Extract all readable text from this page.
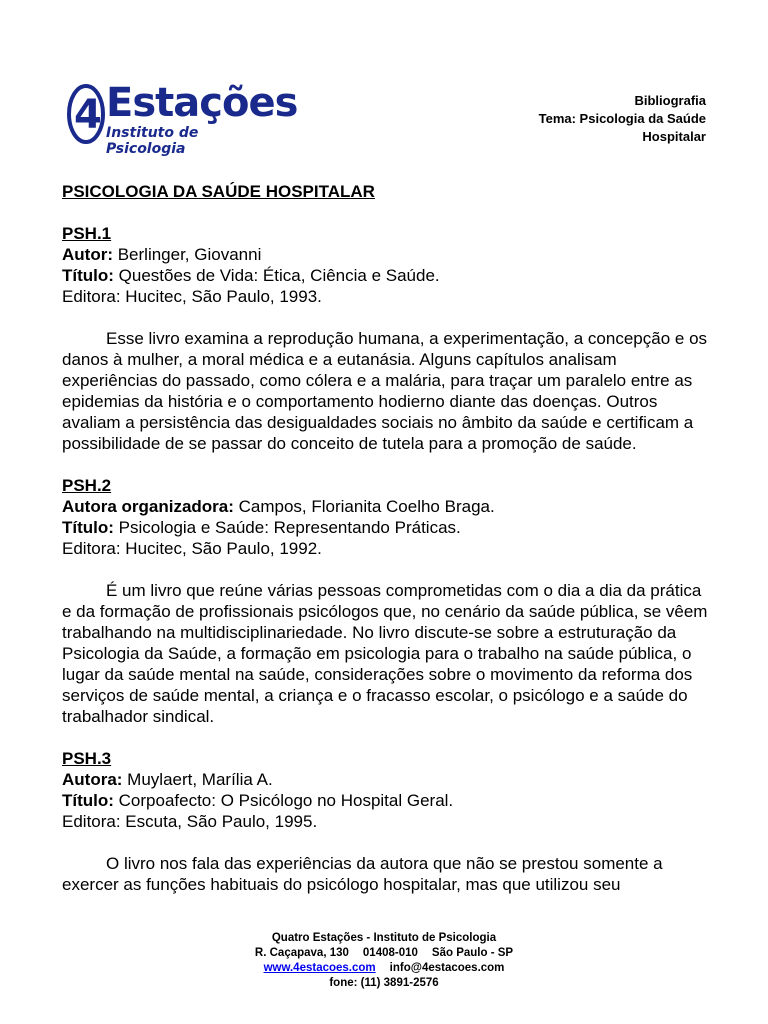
4 Estações
Instituto de Psicologia
Bibliografia
Tema: Psicologia da Saúde
Hospitalar
PSICOLOGIA DA SAÚDE HOSPITALAR
PSH.1
Autor: Berlinger, Giovanni
Título: Questões de Vida: Ética, Ciência e Saúde.
Editora: Hucitec, São Paulo, 1993.
Esse livro examina a reprodução humana, a experimentação, a concepção e os danos à mulher, a moral médica e a eutanásia. Alguns capítulos analisam experiências do passado, como cólera e a malária, para traçar um paralelo entre as epidemias da história e o comportamento hodierno diante das doenças. Outros avaliam a persistência das desigualdades sociais no âmbito da saúde e certificam a possibilidade de se passar do conceito de tutela para a promoção de saúde.
PSH.2
Autora organizadora: Campos, Florianita Coelho Braga.
Título: Psicologia e Saúde: Representando Práticas.
Editora: Hucitec, São Paulo, 1992.
É um livro que reúne várias pessoas comprometidas com o dia a dia da prática e da formação de profissionais psicólogos que, no cenário da saúde pública, se vêem trabalhando na multidisciplinariedade. No livro discute-se sobre a estruturação da Psicologia da Saúde, a formação em psicologia para o trabalho na saúde pública, o lugar da saúde mental na saúde, considerações sobre o movimento da reforma dos serviços de saúde mental, a criança e o fracasso escolar, o psicólogo e a saúde do trabalhador sindical.
PSH.3
Autora: Muylaert, Marília A.
Título: Corpoafecto: O Psicólogo no Hospital Geral.
Editora: Escuta, São Paulo, 1995.
O livro nos fala das experiências da autora que não se prestou somente a exercer as funções habituais do psicólogo hospitalar, mas que utilizou seu
Quatro Estações - Instituto de Psicologia
R. Caçapava, 130 01408-010 São Paulo - SP
www.4estacoes.com info@4estacoes.com
fone: (11) 3891-2576
